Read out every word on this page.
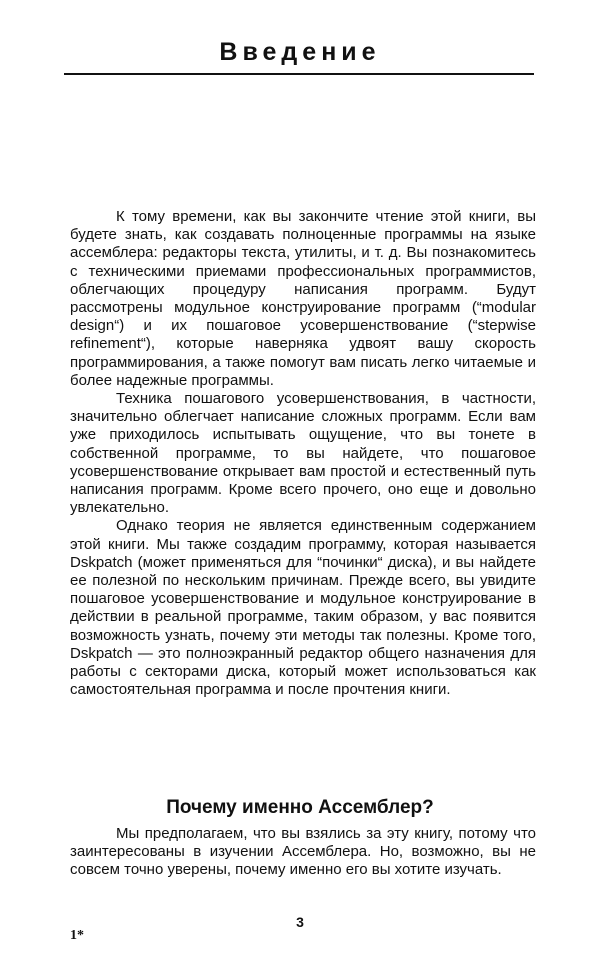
Введение

К тому времени, как вы закончите чтение этой книги, вы будете знать, как создавать полноценные программы на языке ассемблера: редакторы текста, утилиты, и т. д. Вы познакомитесь с техническими приемами профессиональных программистов, облегчающих процедуру написания программ. Будут рассмотрены модульное конструирование программ (“modular design“) и их пошаговое усовершенствование (“stepwise refinement“), которые наверняка удвоят вашу скорость программирования, а также помогут вам писать легко читаемые и более надежные программы.

Техника пошагового усовершенствования, в частности, значительно облегчает написание сложных программ. Если вам уже приходилось испытывать ощущение, что вы тонете в собственной программе, то вы найдете, что пошаговое усовершенствование открывает вам простой и естественный путь написания программ. Кроме всего прочего, оно еще и довольно увлекательно.

Однако теория не является единственным содержанием этой книги. Мы также создадим программу, которая называется Dskpatch (может применяться для “починки“ диска), и вы найдете ее полезной по нескольким причинам. Прежде всего, вы увидите пошаговое усовершенствование и модульное конструирование в действии в реальной программе, таким образом, у вас появится возможность узнать, почему эти методы так полезны. Кроме того, Dskpatch — это полноэкранный редактор общего назначения для работы с секторами диска, который может использоваться как самостоятельная программа и после прочтения книги.

Почему именно Ассемблер?

Мы предполагаем, что вы взялись за эту книгу, потому что заинтересованы в изучении Ассемблера. Но, возможно, вы не совсем точно уверены, почему именно его вы хотите изучать.

3
1*
